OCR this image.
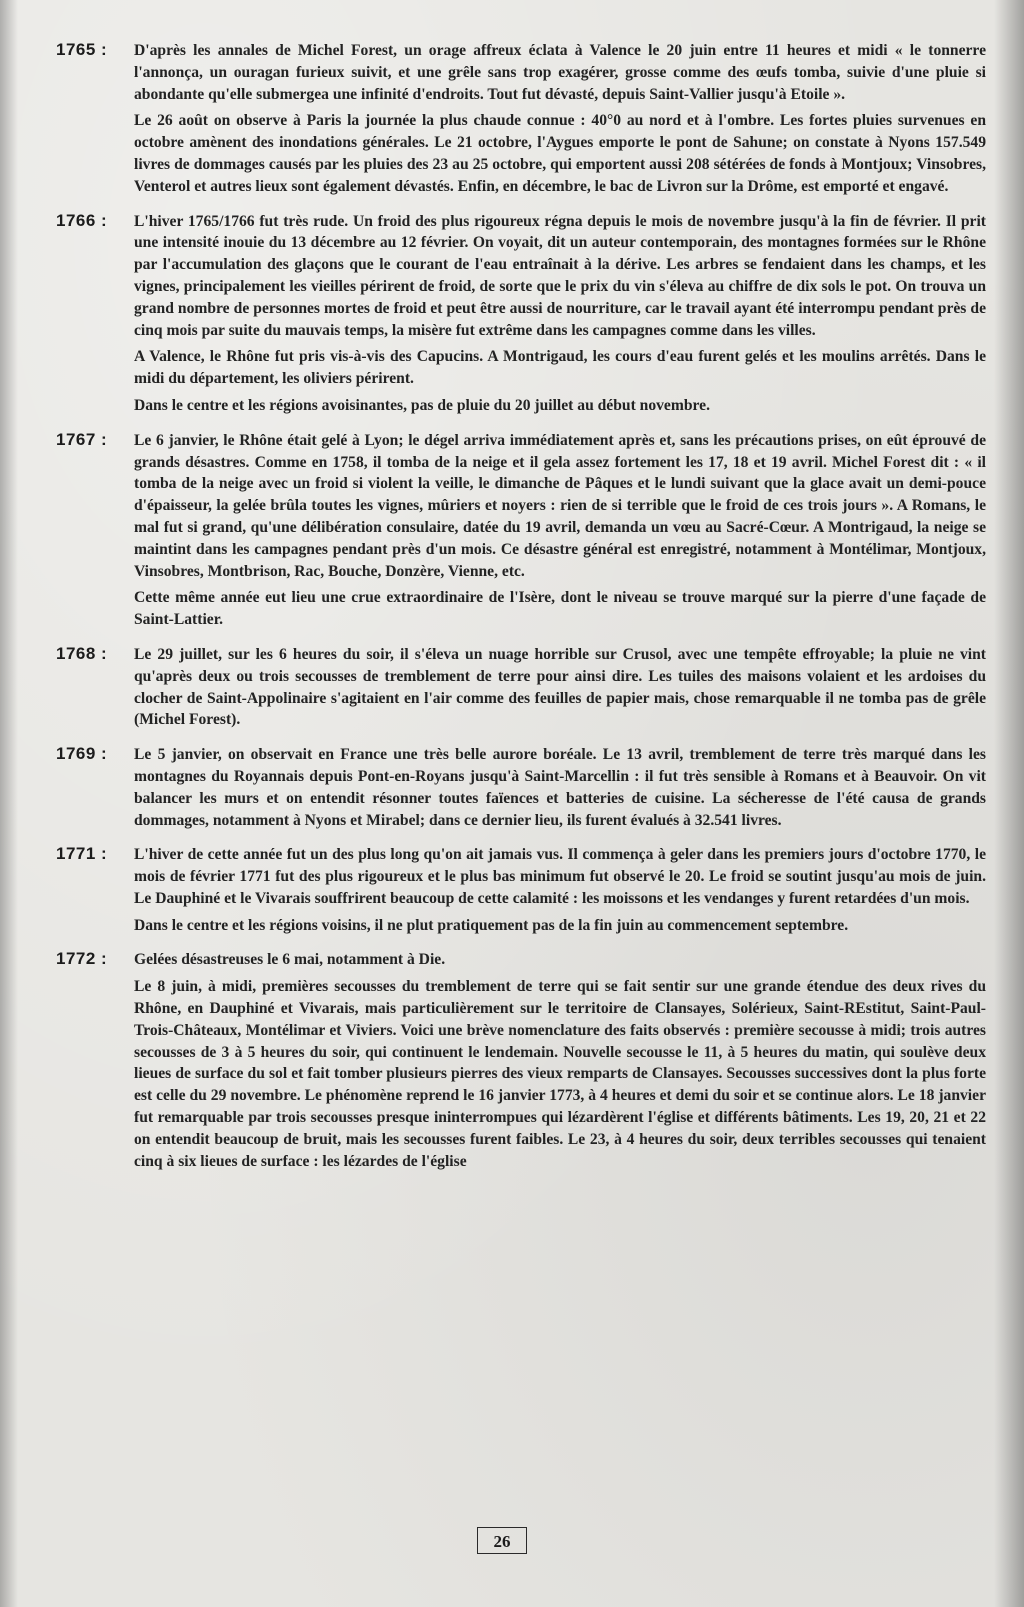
1765 :	D'après les annales de Michel Forest, un orage affreux éclata à Valence le 20 juin entre 11 heures et midi « le tonnerre l'annonça, un ouragan furieux suivit, et une grêle sans trop exagérer, grosse comme des œufs tomba, suivie d'une pluie si abondante qu'elle submergea une infinité d'endroits. Tout fut dévasté, depuis Saint-Vallier jusqu'à Etoile ».

Le 26 août on observe à Paris la journée la plus chaude connue : 40°0 au nord et à l'ombre. Les fortes pluies survenues en octobre amènent des inondations générales. Le 21 octobre, l'Aygues emporte le pont de Sahune; on constate à Nyons 157.549 livres de dommages causés par les pluies des 23 au 25 octobre, qui emportent aussi 208 sétérées de fonds à Montjoux; Vinsobres, Venterol et autres lieux sont également dévastés. Enfin, en décembre, le bac de Livron sur la Drôme, est emporté et engavé.

1766 :	L'hiver 1765/1766 fut très rude. Un froid des plus rigoureux régna depuis le mois de novembre jusqu'à la fin de février. Il prit une intensité inouie du 13 décembre au 12 février. On voyait, dit un auteur contemporain, des montagnes formées sur le Rhône par l'accumulation des glaçons que le courant de l'eau entraînait à la dérive. Les arbres se fendaient dans les champs, et les vignes, principalement les vieilles périrent de froid, de sorte que le prix du vin s'éleva au chiffre de dix sols le pot. On trouva un grand nombre de personnes mortes de froid et peut être aussi de nourriture, car le travail ayant été interrompu pendant près de cinq mois par suite du mauvais temps, la misère fut extrême dans les campagnes comme dans les villes.

A Valence, le Rhône fut pris vis-à-vis des Capucins. A Montrigaud, les cours d'eau furent gelés et les moulins arrêtés. Dans le midi du département, les oliviers périrent.

Dans le centre et les régions avoisinantes, pas de pluie du 20 juillet au début novembre.

1767 :	Le 6 janvier, le Rhône était gelé à Lyon; le dégel arriva immédiatement après et, sans les précautions prises, on eût éprouvé de grands désastres. Comme en 1758, il tomba de la neige et il gela assez fortement les 17, 18 et 19 avril. Michel Forest dit : « il tomba de la neige avec un froid si violent la veille, le dimanche de Pâques et le lundi suivant que la glace avait un demi-pouce d'épaisseur, la gelée brûla toutes les vignes, mûriers et noyers : rien de si terrible que le froid de ces trois jours ». A Romans, le mal fut si grand, qu'une délibération consulaire, datée du 19 avril, demanda un vœu au Sacré-Cœur. A Montrigaud, la neige se maintint dans les campagnes pendant près d'un mois. Ce désastre général est enregistré, notamment à Montélimar, Montjoux, Vinsobres, Montbrison, Rac, Bouche, Donzère, Vienne, etc.

Cette même année eut lieu une crue extraordinaire de l'Isère, dont le niveau se trouve marqué sur la pierre d'une façade de Saint-Lattier.

1768 :	Le 29 juillet, sur les 6 heures du soir, il s'éleva un nuage horrible sur Crusol, avec une tempête effroyable; la pluie ne vint qu'après deux ou trois secousses de tremblement de terre pour ainsi dire. Les tuiles des maisons volaient et les ardoises du clocher de Saint-Appolinaire s'agitaient en l'air comme des feuilles de papier mais, chose remarquable il ne tomba pas de grêle (Michel Forest).

1769 :	Le 5 janvier, on observait en France une très belle aurore boréale. Le 13 avril, tremblement de terre très marqué dans les montagnes du Royannais depuis Pont-en-Royans jusqu'à Saint-Marcellin : il fut très sensible à Romans et à Beauvoir. On vit balancer les murs et on entendit résonner toutes faïences et batteries de cuisine. La sécheresse de l'été causa de grands dommages, notamment à Nyons et Mirabel; dans ce dernier lieu, ils furent évalués à 32.541 livres.

1771 :	L'hiver de cette année fut un des plus long qu'on ait jamais vus. Il commença à geler dans les premiers jours d'octobre 1770, le mois de février 1771 fut des plus rigoureux et le plus bas minimum fut observé le 20. Le froid se soutint jusqu'au mois de juin. Le Dauphiné et le Vivarais souffrirent beaucoup de cette calamité : les moissons et les vendanges y furent retardées d'un mois.

Dans le centre et les régions voisins, il ne plut pratiquement pas de la fin juin au commencement septembre.

1772 :	Gelées désastreuses le 6 mai, notamment à Die.

Le 8 juin, à midi, premières secousses du tremblement de terre qui se fait sentir sur une grande étendue des deux rives du Rhône, en Dauphiné et Vivarais, mais particulièrement sur le territoire de Clansayes, Solérieux, Saint-REstitut, Saint-Paul-Trois-Châteaux, Montélimar et Viviers. Voici une brève nomenclature des faits observés : première secousse à midi; trois autres secousses de 3 à 5 heures du soir, qui continuent le lendemain. Nouvelle secousse le 11, à 5 heures du matin, qui soulève deux lieues de surface du sol et fait tomber plusieurs pierres des vieux remparts de Clansayes. Secousses successives dont la plus forte est celle du 29 novembre. Le phénomène reprend le 16 janvier 1773, à 4 heures et demi du soir et se continue alors. Le 18 janvier fut remarquable par trois secousses presque ininterrompues qui lézardèrent l'église et différents bâtiments. Les 19, 20, 21 et 22 on entendit beaucoup de bruit, mais les secousses furent faibles. Le 23, à 4 heures du soir, deux terribles secousses qui tenaient cinq à six lieues de surface : les lézardes de l'église

26
